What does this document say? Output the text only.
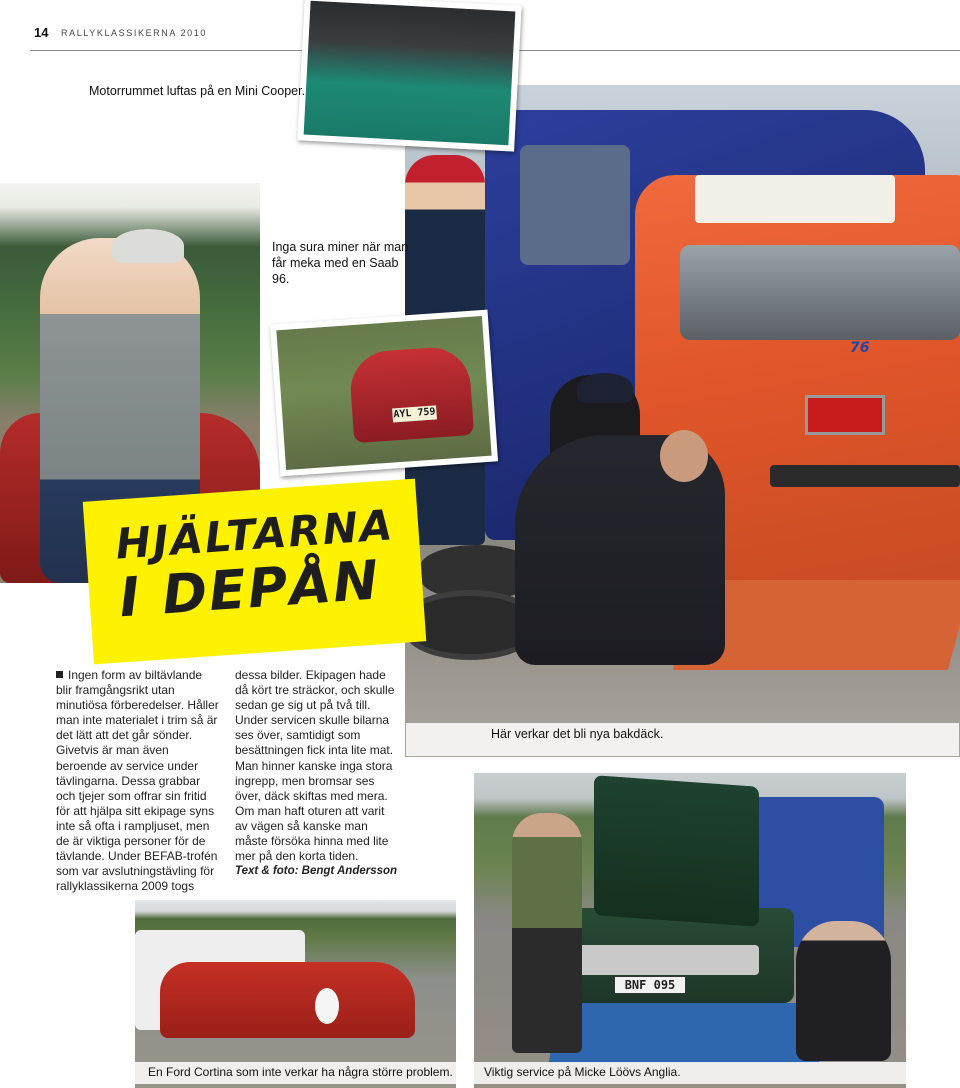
14 RALLYKLASSIKERNA 2010
76
Här verkar det bli nya bakdäck.
Motorrummet luftas på en Mini Cooper.
AYL 759
Inga sura miner när man får meka med en Saab 96.
HJÄLTARNA
I DEPÅN
Ingen form av biltävlande blir framgångsrikt utan minutiösa förberedelser. Håller man inte materialet i trim så är det lätt att det går sönder. Givetvis är man även beroende av service under tävlingarna. Dessa grabbar och tjejer som offrar sin fritid för att hjälpa sitt ekipage syns inte så ofta i rampljuset, men de är viktiga personer för de tävlande. Under BEFAB-trofén som var avslutningstävling för rallyklassikerna 2009 togs
dessa bilder. Ekipagen hade då kört tre sträckor, och skulle sedan ge sig ut på två till. Under servicen skulle bilarna ses över, samtidigt som besättningen fick inta lite mat. Man hinner kanske inga stora ingrepp, men bromsar ses över, däck skiftas med mera. Om man haft oturen att varit av vägen så kanske man måste försöka hinna med lite mer på den korta tiden.
Text & foto: Bengt Andersson
En Ford Cortina som inte verkar ha några större problem.
BNF 095
Viktig service på Micke Löövs Anglia.
